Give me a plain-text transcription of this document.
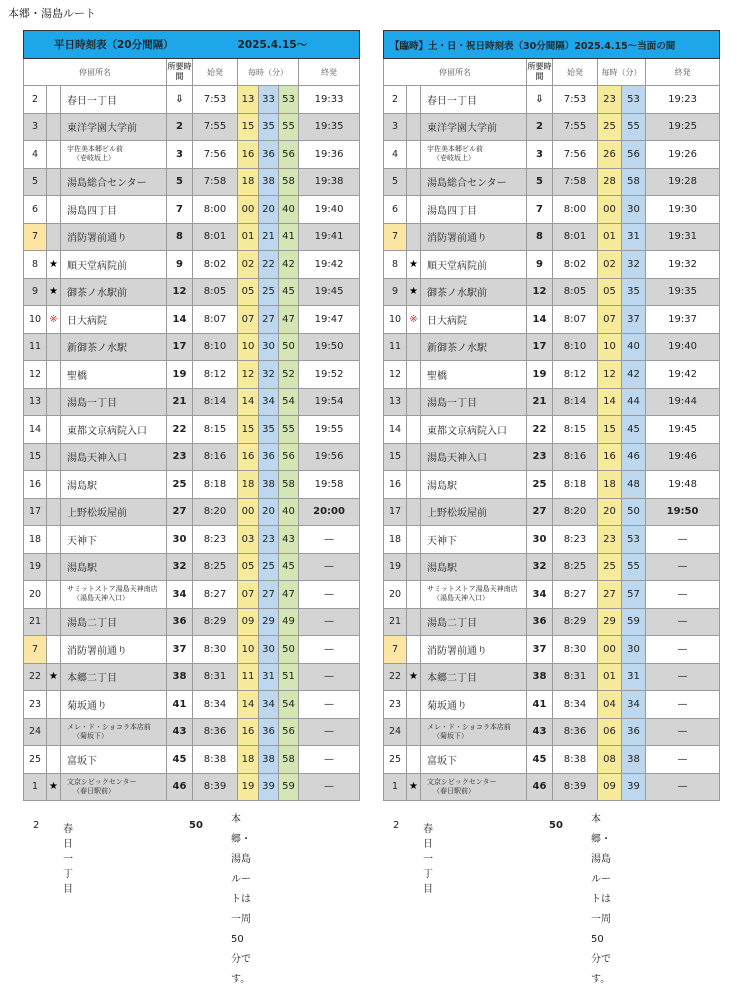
本郷・湯島ルート
平日時刻表（20分間隔）					2025.4.15～			
停留所名			所要時間	始発	毎時（分）			終発
2		春日一丁目	⇩	7:53	13	33	53	19:33
3		東洋学園大学前	2	7:55	15	35	55	19:35
4		宇佐美本郷ビル前
（壱岐坂上）	3	7:56	16	36	56	19:36
5		湯島総合センター	5	7:58	18	38	58	19:38
6		湯島四丁目	7	8:00	00	20	40	19:40
7		消防署前通り	8	8:01	01	21	41	19:41
8	★	順天堂病院前	9	8:02	02	22	42	19:42
9	★	御茶ノ水駅前	12	8:05	05	25	45	19:45
10	※	日大病院	14	8:07	07	27	47	19:47
11		新御茶ノ水駅	17	8:10	10	30	50	19:50
12		聖橋	19	8:12	12	32	52	19:52
13		湯島一丁目	21	8:14	14	34	54	19:54
14		東都文京病院入口	22	8:15	15	35	55	19:55
15		湯島天神入口	23	8:16	16	36	56	19:56
16		湯島駅	25	8:18	18	38	58	19:58
17		上野松坂屋前	27	8:20	00	20	40	20:00
18		天神下	30	8:23	03	23	43	—
19		湯島駅	32	8:25	05	25	45	—
20		サミットストア湯島天神南店
（湯島天神入口）	34	8:27	07	27	47	—
21		湯島二丁目	36	8:29	09	29	49	—
7		消防署前通り	37	8:30	10	30	50	—
22	★	本郷二丁目	38	8:31	11	31	51	—
23		菊坂通り	41	8:34	14	34	54	—
24		メレ・ド・ショコラ本店前
（菊坂下）	43	8:36	16	36	56	—
25		富坂下	45	8:38	18	38	58	—
1	★	文京シビックセンター
（春日駅前）	46	8:39	19	39	59	—
【臨時】土・日・祝日時刻表（30分間隔）2025.4.15～当面の間							
停留所名			所要時間	始発	毎時（分）		終発
2		春日一丁目	⇩	7:53	23	53	19:23
3		東洋学園大学前	2	7:55	25	55	19:25
4		宇佐美本郷ビル前
（壱岐坂上）	3	7:56	26	56	19:26
5		湯島総合センター	5	7:58	28	58	19:28
6		湯島四丁目	7	8:00	00	30	19:30
7		消防署前通り	8	8:01	01	31	19:31
8	★	順天堂病院前	9	8:02	02	32	19:32
9	★	御茶ノ水駅前	12	8:05	05	35	19:35
10	※	日大病院	14	8:07	07	37	19:37
11		新御茶ノ水駅	17	8:10	10	40	19:40
12		聖橋	19	8:12	12	42	19:42
13		湯島一丁目	21	8:14	14	44	19:44
14		東都文京病院入口	22	8:15	15	45	19:45
15		湯島天神入口	23	8:16	16	46	19:46
16		湯島駅	25	8:18	18	48	19:48
17		上野松坂屋前	27	8:20	20	50	19:50
18		天神下	30	8:23	23	53	—
19		湯島駅	32	8:25	25	55	—
20		サミットストア湯島天神南店
（湯島天神入口）	34	8:27	27	57	—
21		湯島二丁目	36	8:29	29	59	—
7		消防署前通り	37	8:30	00	30	—
22	★	本郷二丁目	38	8:31	01	31	—
23		菊坂通り	41	8:34	04	34	—
24		メレ・ド・ショコラ本店前
（菊坂下）	43	8:36	06	36	—
25		富坂下	45	8:38	08	38	—
1	★	文京シビックセンター
（春日駅前）	46	8:39	09	39	—
2 春日一丁目
50
本郷・湯島ルートは
一周50分です。
2 春日一丁目
50
本郷・湯島ルートは
一周50分です。
